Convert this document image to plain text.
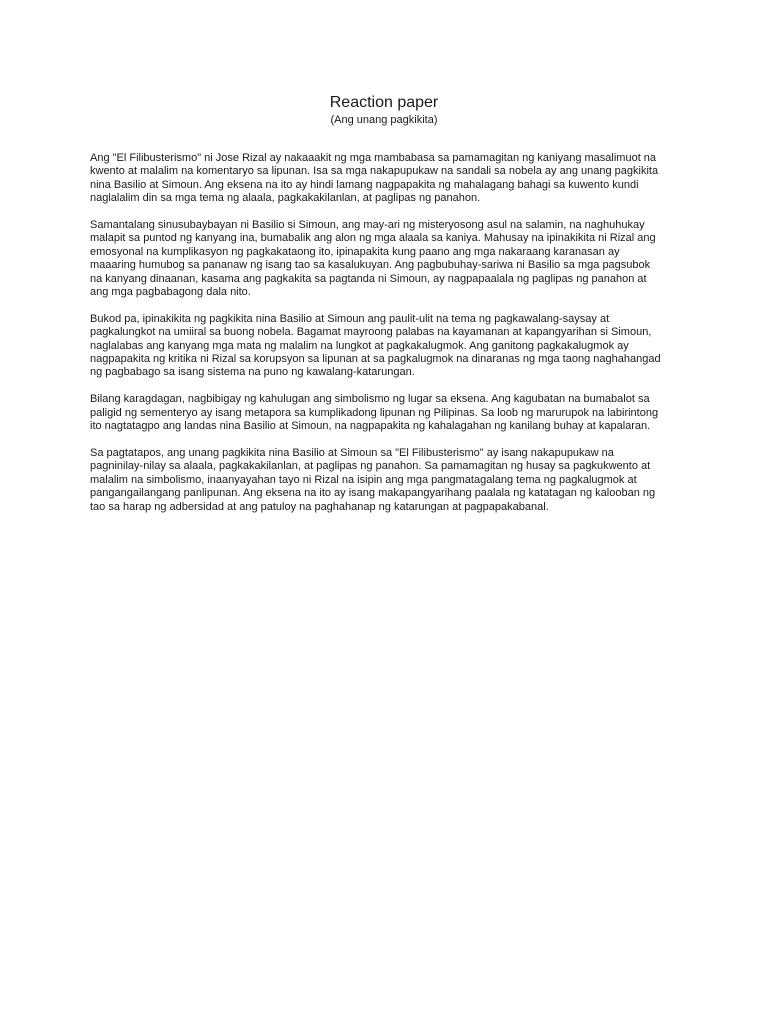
Reaction paper

(Ang unang pagkikita)

Ang "El Filibusterismo" ni Jose Rizal ay nakaaakit ng mga mambabasa sa pamamagitan ng kaniyang masalimuot na
kwento at malalim na komentaryo sa lipunan. Isa sa mga nakapupukaw na sandali sa nobela ay ang unang pagkikita
nina Basilio at Simoun. Ang eksena na ito ay hindi lamang nagpapakita ng mahalagang bahagi sa kuwento kundi
naglalalim din sa mga tema ng alaala, pagkakakilanlan, at paglipas ng panahon.

Samantalang sinusubaybayan ni Basilio si Simoun, ang may-ari ng misteryosong asul na salamin, na naghuhukay
malapit sa puntod ng kanyang ina, bumabalik ang alon ng mga alaala sa kaniya. Mahusay na ipinakikita ni Rizal ang
emosyonal na kumplikasyon ng pagkakataong ito, ipinapakita kung paano ang mga nakaraang karanasan ay
maaaring humubog sa pananaw ng isang tao sa kasalukuyan. Ang pagbubuhay-sariwa ni Basilio sa mga pagsubok
na kanyang dinaanan, kasama ang pagkakita sa pagtanda ni Simoun, ay nagpapaalala ng paglipas ng panahon at
ang mga pagbabagong dala nito.

Bukod pa, ipinakikita ng pagkikita nina Basilio at Simoun ang paulit-ulit na tema ng pagkawalang-saysay at
pagkalungkot na umiiral sa buong nobela. Bagamat mayroong palabas na kayamanan at kapangyarihan si Simoun,
naglalabas ang kanyang mga mata ng malalim na lungkot at pagkakalugmok. Ang ganitong pagkakalugmok ay
nagpapakita ng kritika ni Rizal sa korupsyon sa lipunan at sa pagkalugmok na dinaranas ng mga taong naghahangad
ng pagbabago sa isang sistema na puno ng kawalang-katarungan.

Bilang karagdagan, nagbibigay ng kahulugan ang simbolismo ng lugar sa eksena. Ang kagubatan na bumabalot sa
paligid ng sementeryo ay isang metapora sa kumplikadong lipunan ng Pilipinas. Sa loob ng marurupok na labirintong
ito nagtatagpo ang landas nina Basilio at Simoun, na nagpapakita ng kahalagahan ng kanilang buhay at kapalaran.

Sa pagtatapos, ang unang pagkikita nina Basilio at Simoun sa "El Filibusterismo" ay isang nakapupukaw na
pagninilay-nilay sa alaala, pagkakakilanlan, at paglipas ng panahon. Sa pamamagitan ng husay sa pagkukwento at
malalim na simbolismo, inaanyayahan tayo ni Rizal na isipin ang mga pangmatagalang tema ng pagkalugmok at
pangangailangang panlipunan. Ang eksena na ito ay isang makapangyarihang paalala ng katatagan ng kalooban ng
tao sa harap ng adbersidad at ang patuloy na paghahanap ng katarungan at pagpapakabanal.
